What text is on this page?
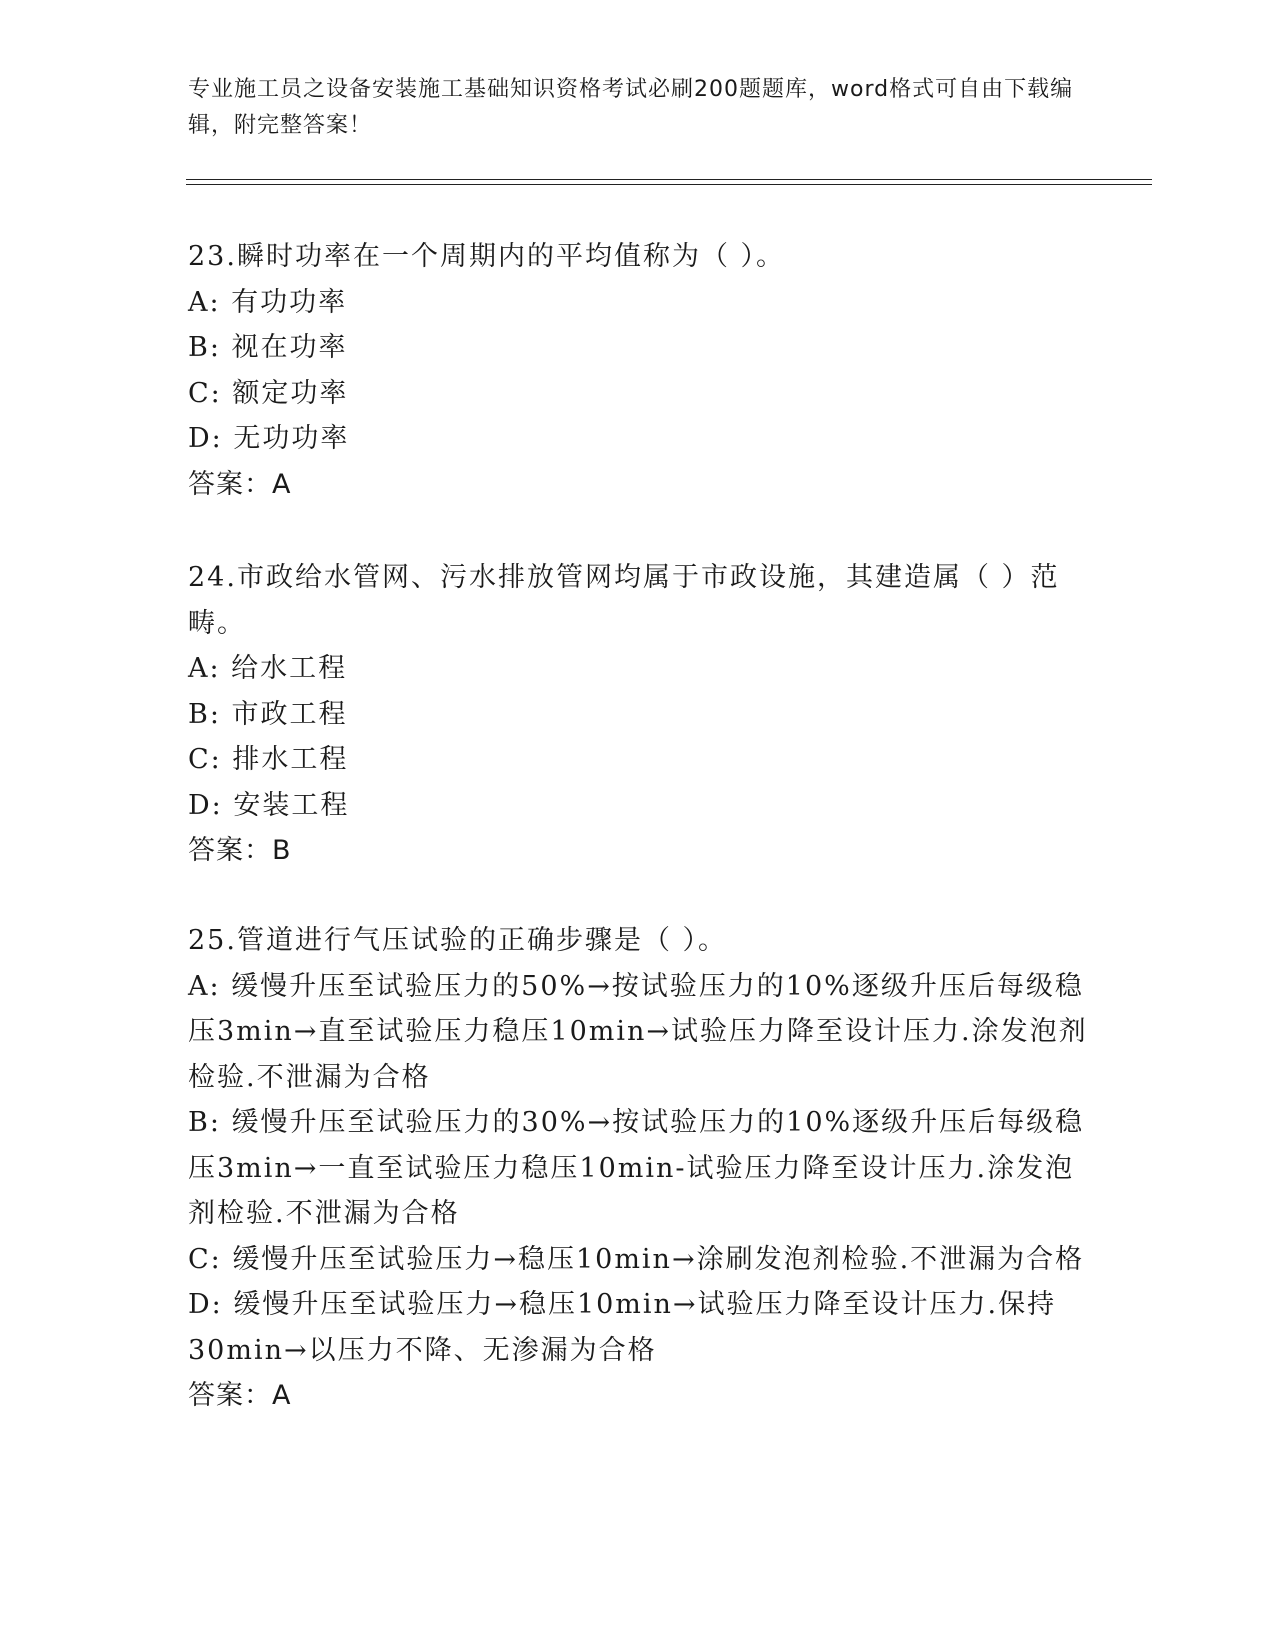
专业施工员之设备安装施工基础知识资格考试必刷200题题库，word格式可自由下载编辑，附完整答案！

23.瞬时功率在一个周期内的平均值称为（ ）。

A: 有功功率

B: 视在功率

C: 额定功率

D: 无功功率

答案：A

24.市政给水管网、污水排放管网均属于市政设施，其建造属（ ）范畴。

A: 给水工程

B: 市政工程

C: 排水工程

D: 安装工程

答案：B

25.管道进行气压试验的正确步骤是（ ）。

A: 缓慢升压至试验压力的50%→按试验压力的10%逐级升压后每级稳压3min→直至试验压力稳压10min→试验压力降至设计压力.涂发泡剂检验.不泄漏为合格

B: 缓慢升压至试验压力的30%→按试验压力的10%逐级升压后每级稳压3min→一直至试验压力稳压10min-试验压力降至设计压力.涂发泡剂检验.不泄漏为合格

C: 缓慢升压至试验压力→稳压10min→涂刷发泡剂检验.不泄漏为合格

D: 缓慢升压至试验压力→稳压10min→试验压力降至设计压力.保持30min→以压力不降、无渗漏为合格

答案：A
